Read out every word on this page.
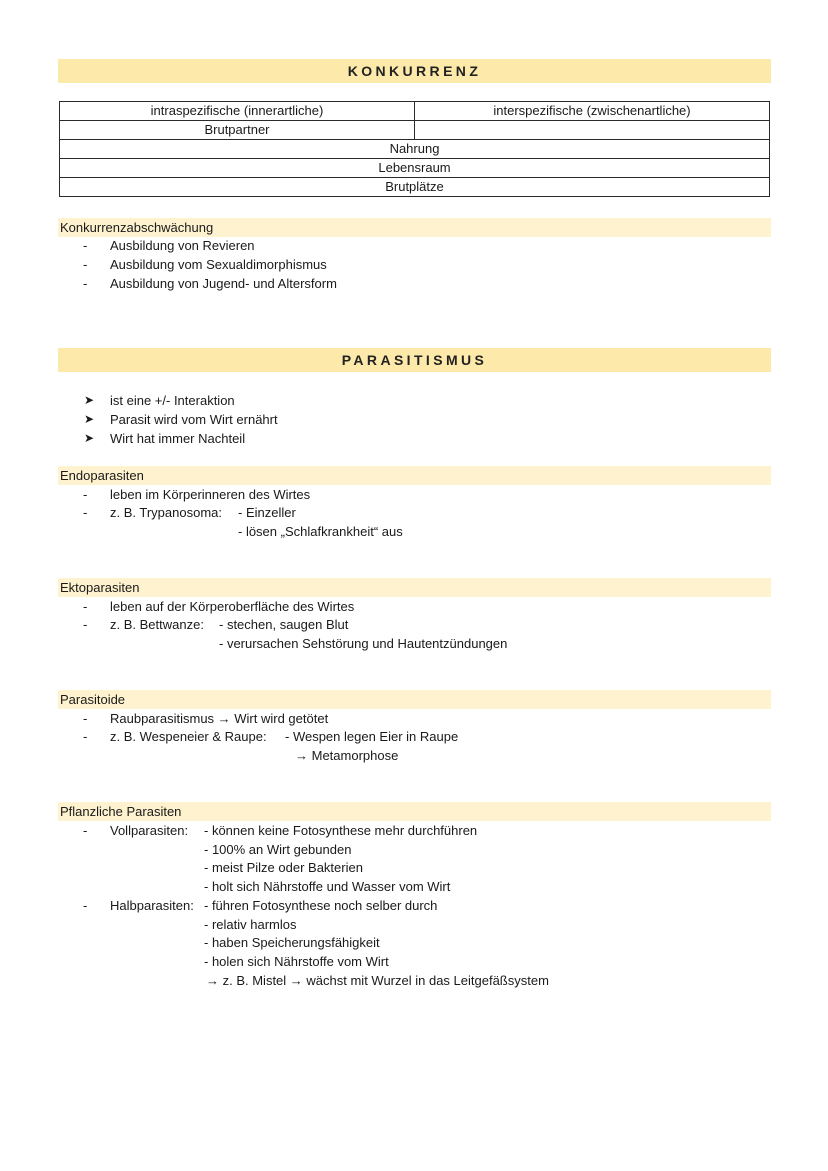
KONKURRENZ
intraspezifische (innerartliche)	interspezifische (zwischenartliche)
Brutpartner	
Nahrung	
Lebensraum	
Brutplätze	
Konkurrenzabschwächung
- Ausbildung von Revieren
- Ausbildung vom Sexualdimorphismus
- Ausbildung von Jugend- und Altersform
PARASITISMUS
➤ ist eine +/- Interaktion
➤ Parasit wird vom Wirt ernährt
➤ Wirt hat immer Nachteil
Endoparasiten
- leben im Körperinneren des Wirtes
- z. B. Trypanosoma: - Einzeller
- lösen „Schlafkrankheit“ aus
Ektoparasiten
- leben auf der Körperoberfläche des Wirtes
- z. B. Bettwanze: - stechen, saugen Blut
- verursachen Sehstörung und Hautentzündungen
Parasitoide
- Raubparasitismus → Wirt wird getötet
- z. B. Wespeneier & Raupe: - Wespen legen Eier in Raupe
→ Metamorphose
Pflanzliche Parasiten
- Vollparasiten: - können keine Fotosynthese mehr durchführen
- 100% an Wirt gebunden
- meist Pilze oder Bakterien
- holt sich Nährstoffe und Wasser vom Wirt
- Halbparasiten: - führen Fotosynthese noch selber durch
- relativ harmlos
- haben Speicherungsfähigkeit
- holen sich Nährstoffe vom Wirt
→ z. B. Mistel → wächst mit Wurzel in das Leitgefäßsystem
